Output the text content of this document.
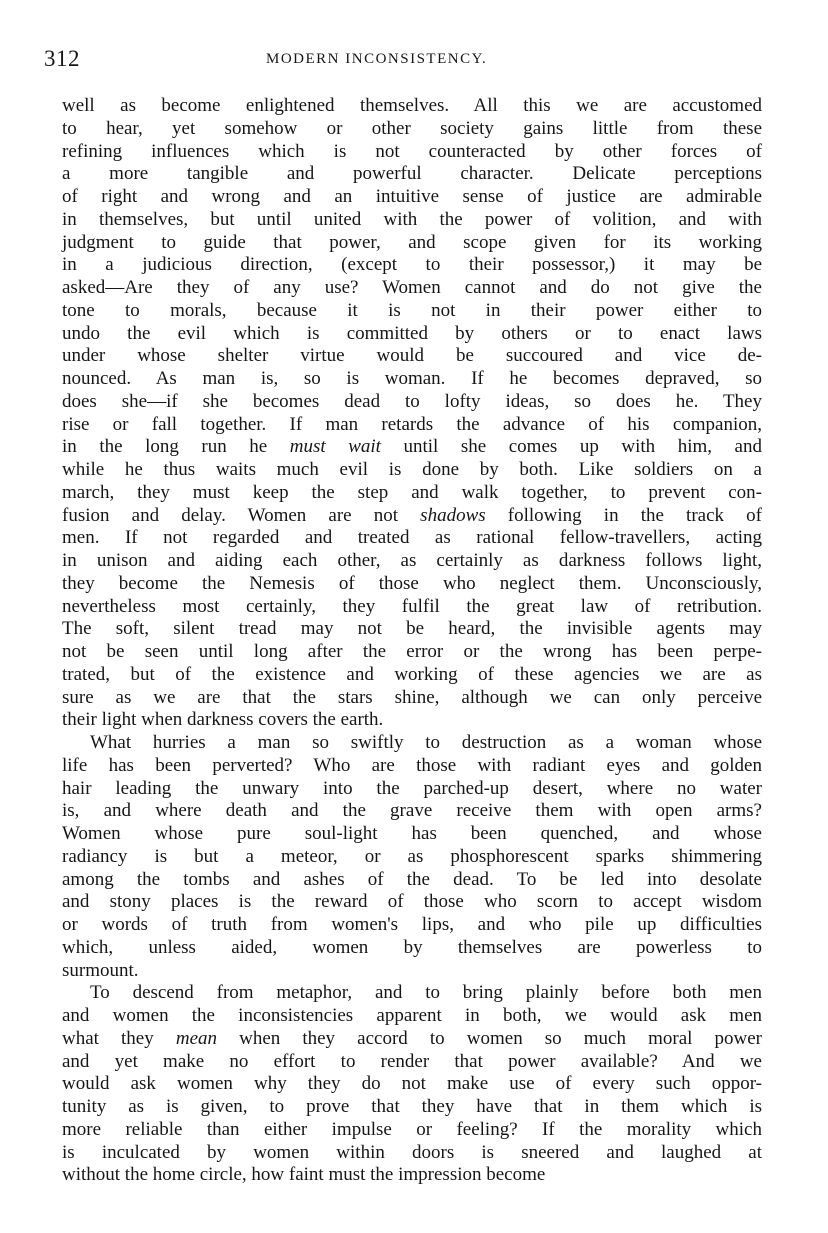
312	MODERN INCONSISTENCY.
well as become enlightened themselves. All this we are accustomed
to hear, yet somehow or other society gains little from these
refining influences which is not counteracted by other forces of
a more tangible and powerful character. Delicate perceptions
of right and wrong and an intuitive sense of justice are admirable
in themselves, but until united with the power of volition, and with
judgment to guide that power, and scope given for its working
in a judicious direction, (except to their possessor,) it may be
asked—Are they of any use? Women cannot and do not give the
tone to morals, because it is not in their power either to
undo the evil which is committed by others or to enact laws
under whose shelter virtue would be succoured and vice de-
nounced. As man is, so is woman. If he becomes depraved, so
does she—if she becomes dead to lofty ideas, so does he. They
rise or fall together. If man retards the advance of his companion,
in the long run he must wait until she comes up with him, and
while he thus waits much evil is done by both. Like soldiers on a
march, they must keep the step and walk together, to prevent con-
fusion and delay. Women are not shadows following in the track of
men. If not regarded and treated as rational fellow-travellers, acting
in unison and aiding each other, as certainly as darkness follows light,
they become the Nemesis of those who neglect them. Unconsciously,
nevertheless most certainly, they fulfil the great law of retribution.
The soft, silent tread may not be heard, the invisible agents may
not be seen until long after the error or the wrong has been perpe-
trated, but of the existence and working of these agencies we are as
sure as we are that the stars shine, although we can only perceive
their light when darkness covers the earth.
What hurries a man so swiftly to destruction as a woman whose
life has been perverted? Who are those with radiant eyes and golden
hair leading the unwary into the parched-up desert, where no water
is, and where death and the grave receive them with open arms?
Women whose pure soul-light has been quenched, and whose
radiancy is but a meteor, or as phosphorescent sparks shimmering
among the tombs and ashes of the dead. To be led into desolate
and stony places is the reward of those who scorn to accept wisdom
or words of truth from women's lips, and who pile up difficulties
which, unless aided, women by themselves are powerless to
surmount.
To descend from metaphor, and to bring plainly before both men
and women the inconsistencies apparent in both, we would ask men
what they mean when they accord to women so much moral power
and yet make no effort to render that power available? And we
would ask women why they do not make use of every such oppor-
tunity as is given, to prove that they have that in them which is
more reliable than either impulse or feeling? If the morality which
is inculcated by women within doors is sneered and laughed at
without the home circle, how faint must the impression become
